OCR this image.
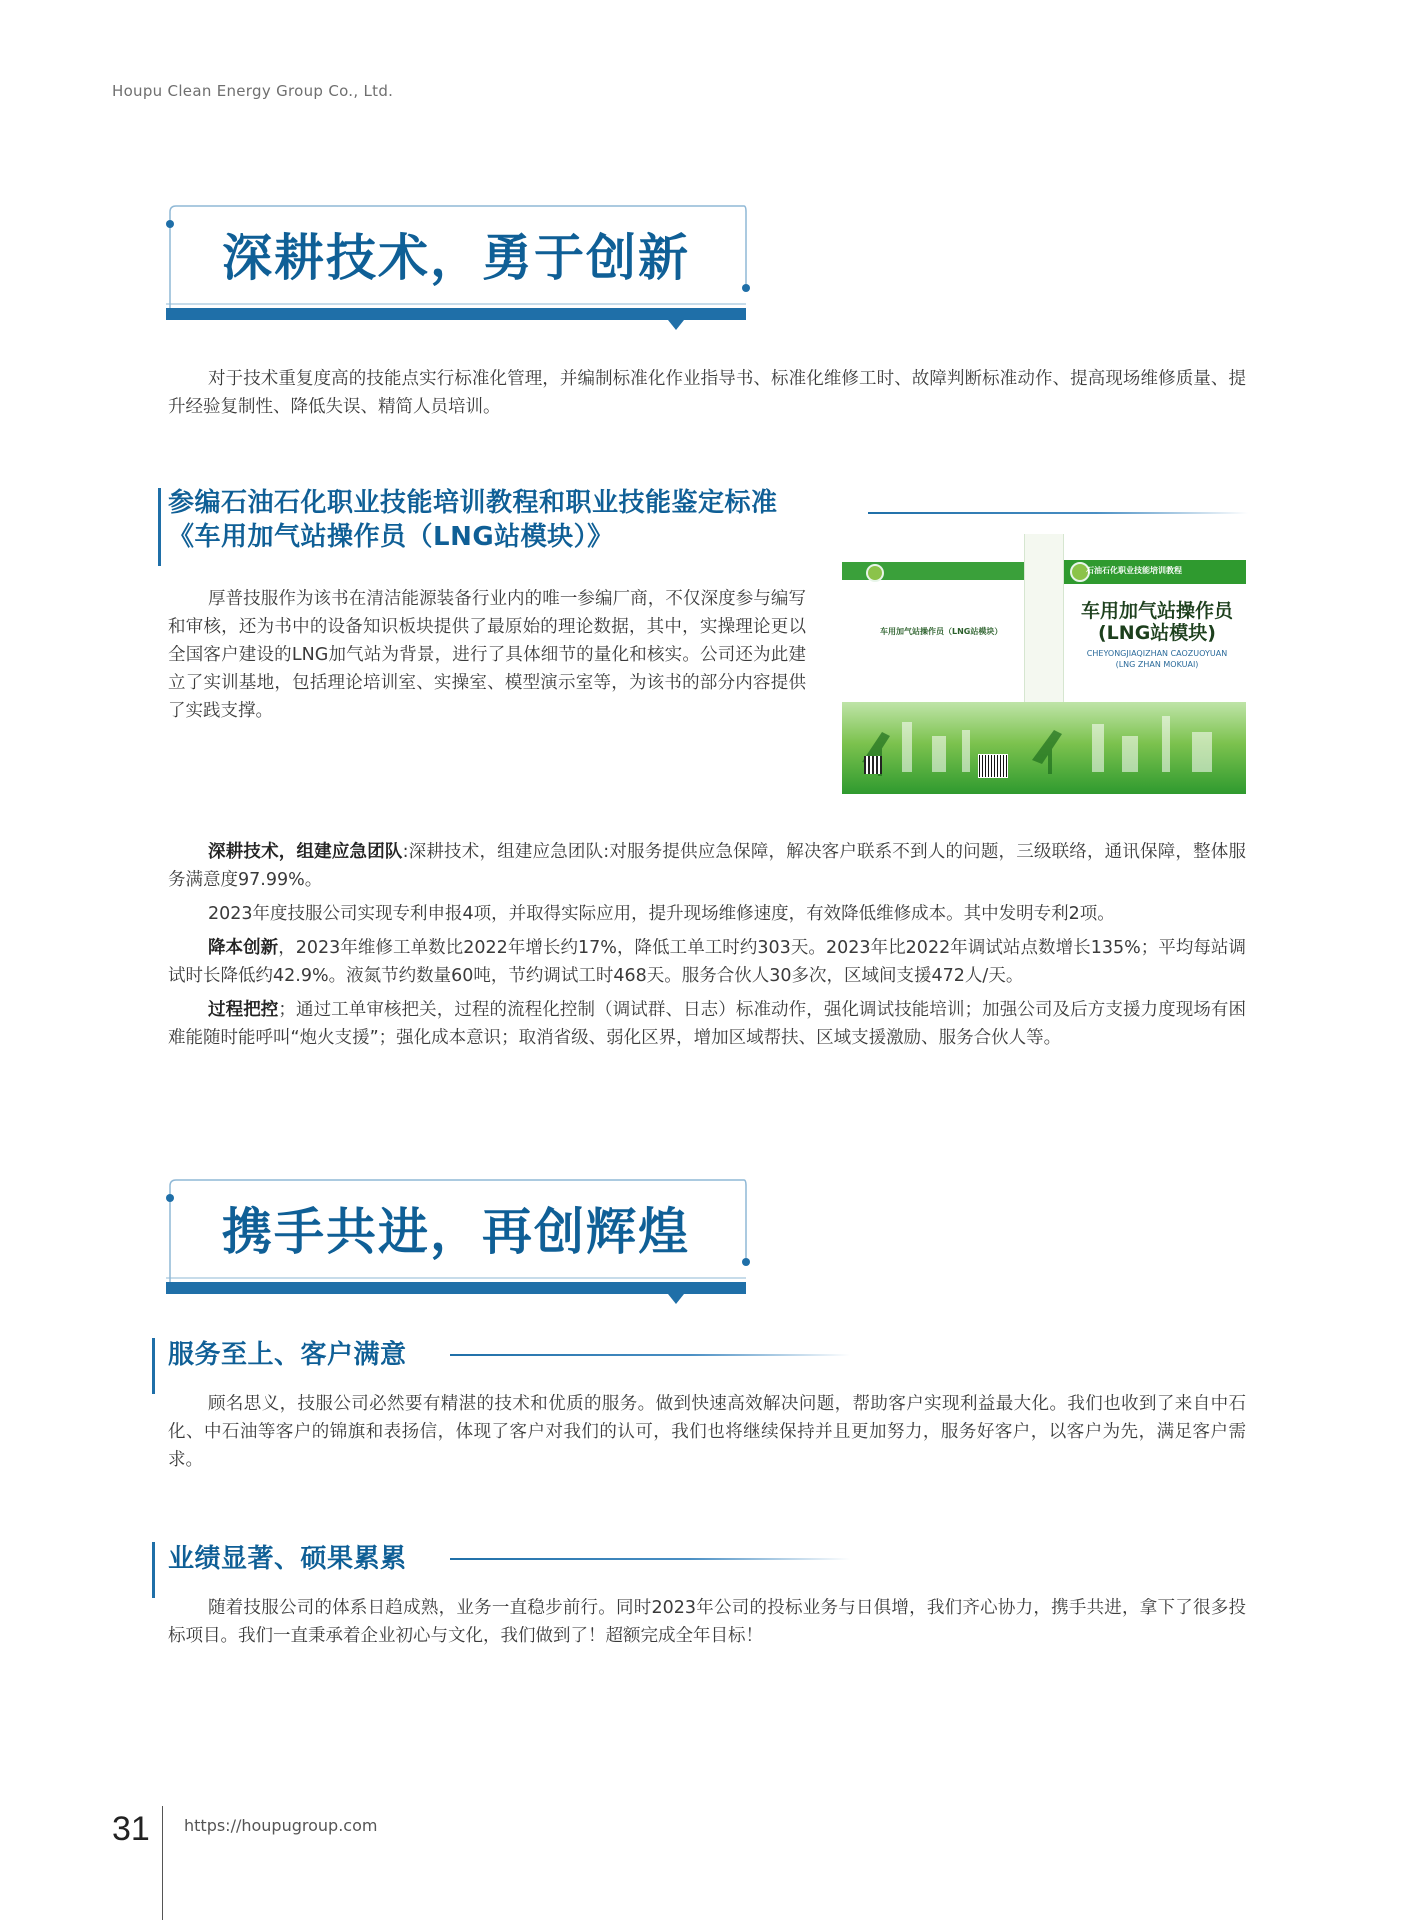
Houpu Clean Energy Group Co., Ltd.
深耕技术，勇于创新

对于技术重复度高的技能点实行标准化管理，并编制标准化作业指导书、标准化维修工时、故障判断标准动作、提高现场维修质量、提升经验复制性、降低失误、精简人员培训。

参编石油石化职业技能培训教程和职业技能鉴定标准
《车用加气站操作员（LNG站模块）》

厚普技服作为该书在清洁能源装备行业内的唯一参编厂商，不仅深度参与编写和审核，还为书中的设备知识板块提供了最原始的理论数据，其中，实操理论更以全国客户建设的LNG加气站为背景，进行了具体细节的量化和核实。公司还为此建立了实训基地，包括理论培训室、实操室、模型演示室等，为该书的部分内容提供了实践支撑。

石油石化职业技能培训教程
车用加气站操作员（LNG站模块）
车用加气站操作员
(LNG站模块)
CHEYONGJIAQIZHAN CAOZUOYUAN
(LNG ZHAN MOKUAI)

深耕技术，组建应急团队:深耕技术，组建应急团队:对服务提供应急保障，解决客户联系不到人的问题，三级联络，通讯保障，整体服务满意度97.99%。

2023年度技服公司实现专利申报4项，并取得实际应用，提升现场维修速度，有效降低维修成本。其中发明专利2项。

降本创新，2023年维修工单数比2022年增长约17%，降低工单工时约303天。2023年比2022年调试站点数增长135%；平均每站调试时长降低约42.9%。液氮节约数量60吨，节约调试工时468天。服务合伙人30多次，区域间支援472人/天。

过程把控；通过工单审核把关，过程的流程化控制（调试群、日志）标准动作，强化调试技能培训；加强公司及后方支援力度现场有困难能随时能呼叫“炮火支援”；强化成本意识；取消省级、弱化区界，增加区域帮扶、区域支援激励、服务合伙人等。

携手共进，再创辉煌
服务至上、客户满意

顾名思义，技服公司必然要有精湛的技术和优质的服务。做到快速高效解决问题，帮助客户实现利益最大化。我们也收到了来自中石化、中石油等客户的锦旗和表扬信，体现了客户对我们的认可，我们也将继续保持并且更加努力，服务好客户，以客户为先，满足客户需求。

业绩显著、硕果累累

随着技服公司的体系日趋成熟，业务一直稳步前行。同时2023年公司的投标业务与日俱增，我们齐心协力，携手共进，拿下了很多投标项目。我们一直秉承着企业初心与文化，我们做到了！超额完成全年目标！

31 https://houpugroup.com
